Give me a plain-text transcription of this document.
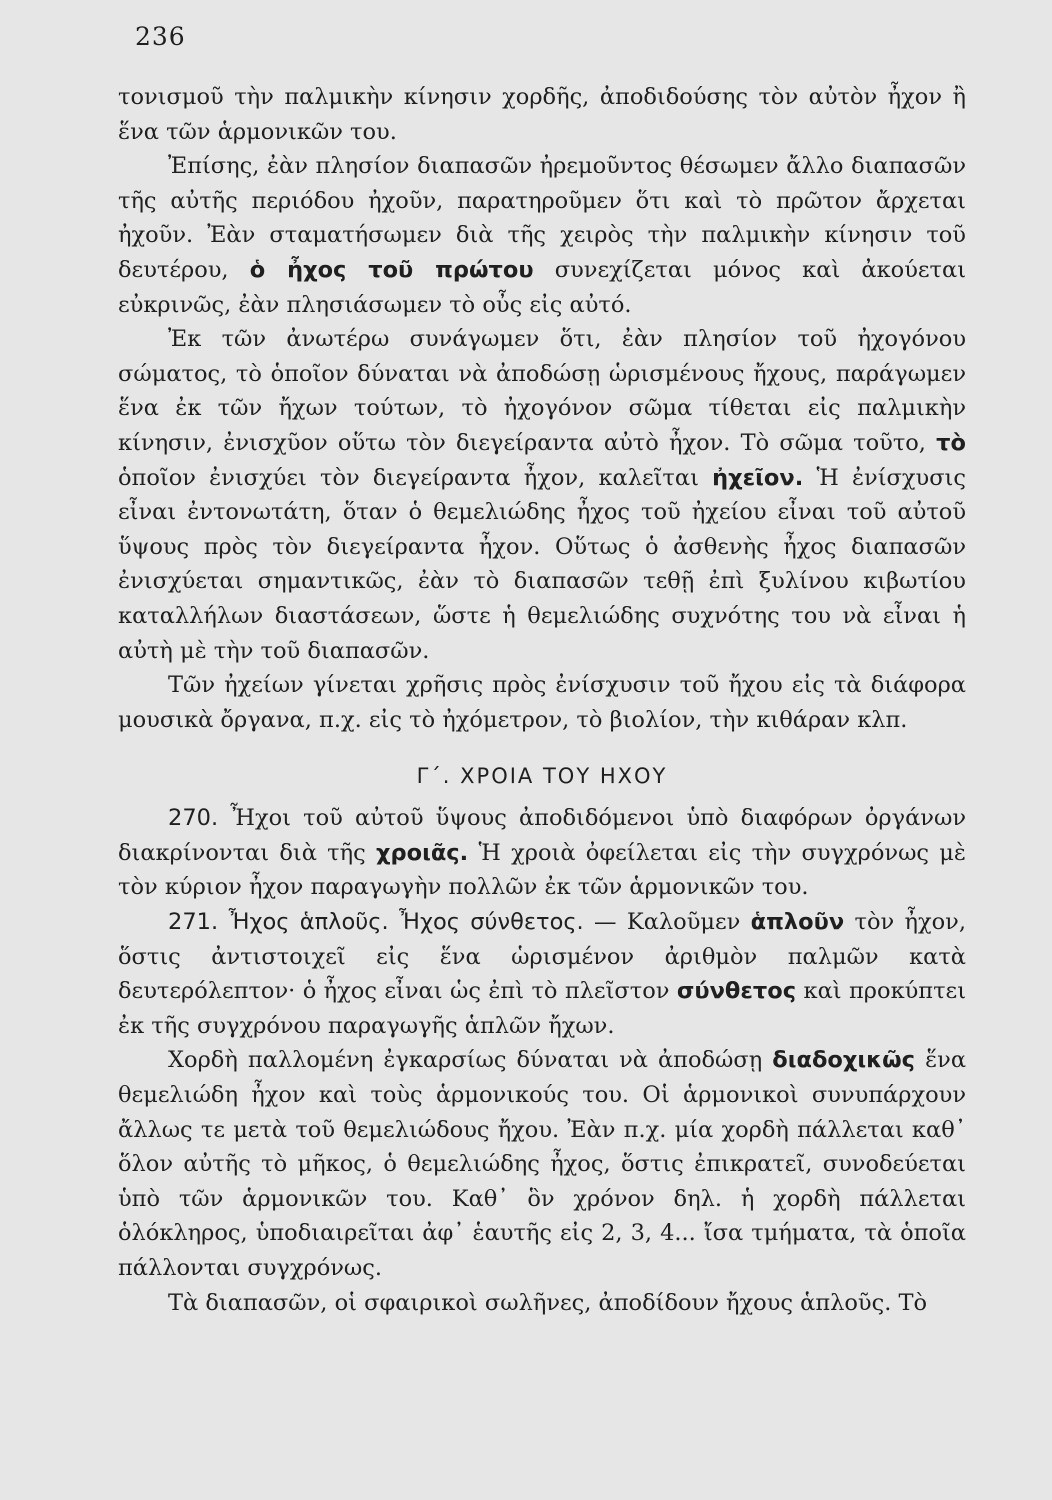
236

τονισμοῦ τὴν παλμικὴν κίνησιν χορδῆς, ἀποδιδούσης τὸν αὐτὸν ἦχον ἢ ἕνα τῶν ἁρμονικῶν του.

Ἐπίσης, ἐὰν πλησίον διαπασῶν ἠρεμοῦντος θέσωμεν ἄλλο διαπασῶν τῆς αὐτῆς περιόδου ἠχοῦν, παρατηροῦμεν ὅτι καὶ τὸ πρῶτον ἄρχεται ἠχοῦν. Ἐὰν σταματήσωμεν διὰ τῆς χειρὸς τὴν παλμικὴν κίνησιν τοῦ δευτέρου, ὁ ἦχος τοῦ πρώτου συνεχίζεται μόνος καὶ ἀκούεται εὐκρινῶς, ἐὰν πλησιάσωμεν τὸ οὖς εἰς αὐτό.

Ἐκ τῶν ἀνωτέρω συνάγωμεν ὅτι, ἐὰν πλησίον τοῦ ἠχογόνου σώματος, τὸ ὁποῖον δύναται νὰ ἀποδώσῃ ὡρισμένους ἤχους, παράγωμεν ἕνα ἐκ τῶν ἤχων τούτων, τὸ ἠχογόνον σῶμα τίθεται εἰς παλμικὴν κίνησιν, ἐνισχῦον οὕτω τὸν διεγείραντα αὐτὸ ἦχον. Τὸ σῶμα τοῦτο, τὸ ὁποῖον ἐνισχύει τὸν διεγείραντα ἦχον, καλεῖται ἠχεῖον. Ἡ ἐνίσχυσις εἶναι ἐντονωτάτη, ὅταν ὁ θεμελιώδης ἦχος τοῦ ἠχείου εἶναι τοῦ αὐτοῦ ὕψους πρὸς τὸν διεγείραντα ἦχον. Οὕτως ὁ ἀσθενὴς ἦχος διαπασῶν ἐνισχύεται σημαντικῶς, ἐὰν τὸ διαπασῶν τεθῇ ἐπὶ ξυλίνου κιβωτίου καταλλήλων διαστάσεων, ὥστε ἡ θεμελιώδης συχνότης του νὰ εἶναι ἡ αὐτὴ μὲ τὴν τοῦ διαπασῶν.

Τῶν ἠχείων γίνεται χρῆσις πρὸς ἐνίσχυσιν τοῦ ἤχου εἰς τὰ διάφορα μουσικὰ ὄργανα, π.χ. εἰς τὸ ἠχόμετρον, τὸ βιολίον, τὴν κιθάραν κλπ.

Γ΄. ΧΡΟΙΑ ΤΟΥ ΗΧΟΥ

270. Ἦχοι τοῦ αὐτοῦ ὕψους ἀποδιδόμενοι ὑπὸ διαφόρων ὀργάνων διακρίνονται διὰ τῆς χροιᾶς. Ἡ χροιὰ ὀφείλεται εἰς τὴν συγχρόνως μὲ τὸν κύριον ἦχον παραγωγὴν πολλῶν ἐκ τῶν ἁρμονικῶν του.

271. Ἦχος ἁπλοῦς. Ἦχος σύνθετος. — Καλοῦμεν ἁπλοῦν τὸν ἦχον, ὅστις ἀντιστοιχεῖ εἰς ἕνα ὡρισμένον ἀριθμὸν παλμῶν κατὰ δευτερόλεπτον· ὁ ἦχος εἶναι ὡς ἐπὶ τὸ πλεῖστον σύνθετος καὶ προκύπτει ἐκ τῆς συγχρόνου παραγωγῆς ἁπλῶν ἤχων.

Χορδὴ παλλομένη ἐγκαρσίως δύναται νὰ ἀποδώσῃ διαδοχικῶς ἕνα θεμελιώδη ἦχον καὶ τοὺς ἁρμονικούς του. Οἱ ἁρμονικοὶ συνυπάρχουν ἄλλως τε μετὰ τοῦ θεμελιώδους ἤχου. Ἐὰν π.χ. μία χορδὴ πάλλεται καθ᾽ ὅλον αὐτῆς τὸ μῆκος, ὁ θεμελιώδης ἦχος, ὅστις ἐπικρατεῖ, συνοδεύεται ὑπὸ τῶν ἁρμονικῶν του. Καθ᾽ ὃν χρόνον δηλ. ἡ χορδὴ πάλλεται ὁλόκληρος, ὑποδιαιρεῖται ἀφ᾽ ἑαυτῆς εἰς 2, 3, 4... ἴσα τμήματα, τὰ ὁποῖα πάλλονται συγχρόνως.

Τὰ διαπασῶν, οἱ σφαιρικοὶ σωλῆνες, ἀποδίδουν ἤχους ἁπλοῦς. Τὸ
